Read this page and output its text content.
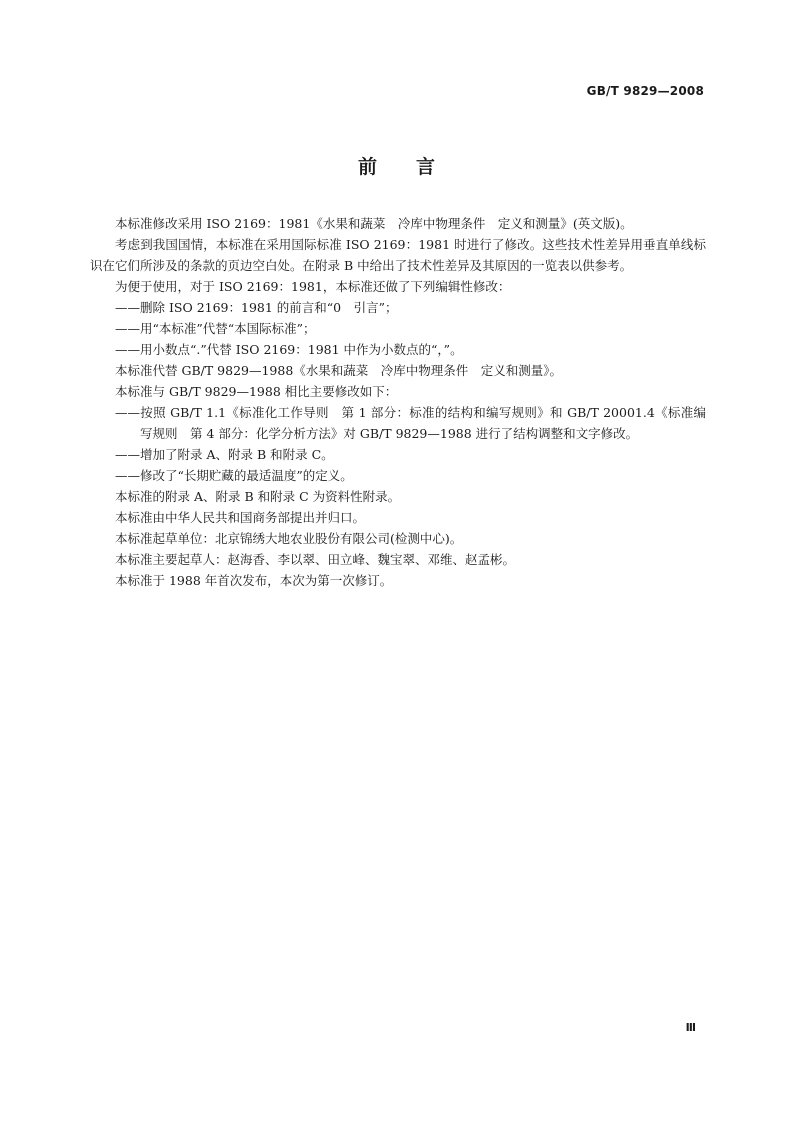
GB/T 9829—2008
前 言

本标准修改采用 ISO 2169：1981《水果和蔬菜　冷库中物理条件　定义和测量》(英文版)。

考虑到我国国情，本标准在采用国际标准 ISO 2169：1981 时进行了修改。这些技术性差异用垂直单线标识在它们所涉及的条款的页边空白处。在附录 B 中给出了技术性差异及其原因的一览表以供参考。

为便于使用，对于 ISO 2169：1981，本标准还做了下列编辑性修改：

——删除 ISO 2169：1981 的前言和“0　引言”；

——用“本标准”代替“本国际标准”；

——用小数点“.”代替 ISO 2169：1981 中作为小数点的“，”。

本标准代替 GB/T 9829—1988《水果和蔬菜　冷库中物理条件　定义和测量》。

本标准与 GB/T 9829—1988 相比主要修改如下：

——按照 GB/T 1.1《标准化工作导则　第 1 部分：标准的结构和编写规则》和 GB/T 20001.4《标准编写规则　第 4 部分：化学分析方法》对 GB/T 9829—1988 进行了结构调整和文字修改。

——增加了附录 A、附录 B 和附录 C。

——修改了“长期贮藏的最适温度”的定义。

本标准的附录 A、附录 B 和附录 C 为资料性附录。

本标准由中华人民共和国商务部提出并归口。

本标准起草单位：北京锦绣大地农业股份有限公司(检测中心)。

本标准主要起草人：赵海香、李以翠、田立峰、魏宝翠、邓维、赵孟彬。

本标准于 1988 年首次发布，本次为第一次修订。

Ⅲ
